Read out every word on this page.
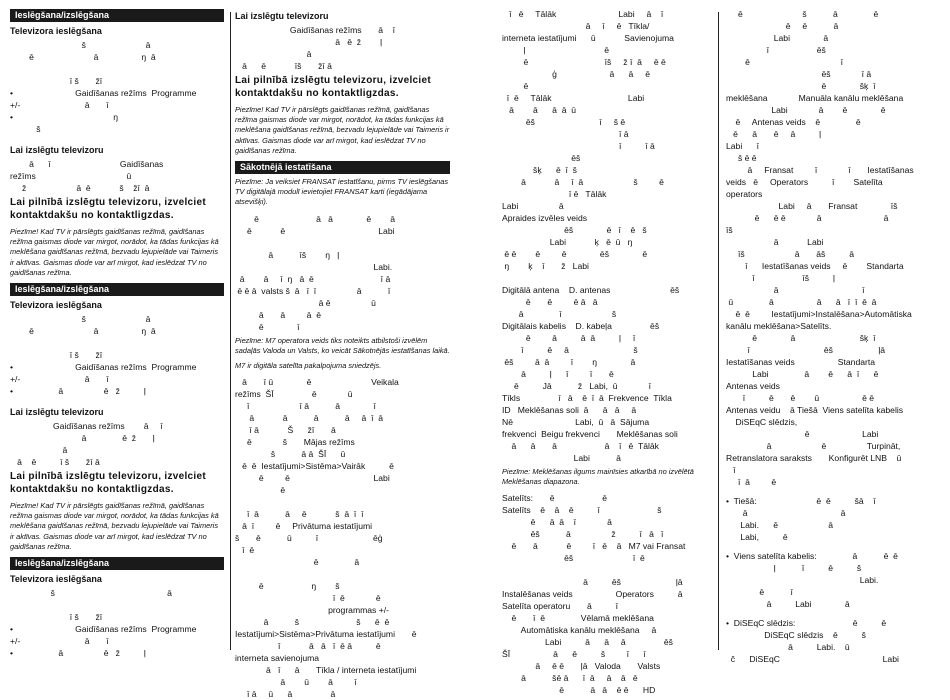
Ieslēgšana/izslēgšana
Televizora ieslēgšana
š                         ā
ē                         ā                  ŋ  ā

ī š       žī
•                          Gaidīšanas režīms  Programme
+/-                           ā       ī
•                                          ŋ
š
Lai izslēgtu televizoru
ā      ī                             Gaidīšanas
režīms                                      ū
ž                     ā  ē            š    žī  ā
Lai pilnībā izslēgtu televizoru, izvelciet kontaktdakšu no kontaktligzdas.
Piezīme! Kad TV ir pārslēgts gaidīšanas režīmā, gaidīšanas režīma gaismas diode var mirgot, norādot, ka tādas funkcijas kā meklēšana gaidīšanas režīmā, bezvadu lejupielāde vai Taimeris ir aktīvas. Gaismas diode var arī mirgot, kad ieslēdzat TV no gaidīšanas režīma.
Ieslēgšana/izslēgšana
Televizora ieslēgšana
š                         ā
ē                         ā                  ŋ  ā

ī š       žī
•                          Gaidīšanas režīms  Programme
+/-                           ā       ī
•                   ā                 ē   ž          ļ
Lai izslēgtu televizoru
Gaidīšanas režīms        ā     ī
ā               ē  ž       ļ
ā
ā    ē          ī š       žī ā
Lai pilnībā izslēgtu televizoru, izvelciet kontaktdakšu no kontaktligzdas.
Piezīme! Kad TV ir pārslēgts gaidīšanas režīmā, gaidīšanas režīma gaismas diode var mirgot, norādot, ka tādas funkcijas kā meklēšana gaidīšanas režīmā, bezvadu lejupielāde vai Taimeris ir aktīvas. Gaismas diode var arī mirgot, kad ieslēdzat TV no gaidīšanas režīma.
Ieslēgšana/izslēgšana
Televizora ieslēgšana
š                                               ā

ī š       žī
•                          Gaidīšanas režīms  Programme
+/-                           ā       ī
•                   ā                 ē   ž          ļ
Lai izslēgtu televizoru
Gaidīšanas režīms       ā    ī
ā   ē  ž        ļ
ā
ā      ē            īš       žī ā
Lai pilnībā izslēgtu televizoru, izvelciet kontaktdakšu no kontaktligzdas.
Piezīme! Kad TV ir pārslēgts gaidīšanas režīmā, gaidīšanas režīma gaismas diode var mirgot, norādot, ka tādas funkcijas kā meklēšana gaidīšanas režīmā, bezvadu lejupielāde vai Taimeris ir aktīvas. Gaismas diode var arī mirgot, kad ieslēdzat TV no gaidīšanas režīma.
Sākotnējā iestatīšana
Piezīme: Ja veiksiet FRANSAT iestatīšanu, pirms TV ieslēgšanas TV digitālajā modulī ievietojiet FRANSAT karti (iegādājama atsevišķi).
ē                        ā   ā              ē        ā
ē            ē                                       Labi

ā           īš        ŋ   ļ
Labi.
ā        ā     ī  ŋ   ā  ē                            ī ā
ē ē ā  valsts š  ā   ī  ī                 ā           ī
ā ē                 ū
ā       ā         ā  ē
ē              ī
Piezīme: M7 operatora veids tiks noteikts atbilstoši izvēlēm sadaļās Valoda un Valsts, ko veicāt Sākotnējās iestatīšanas laikā.
M7 ir digitāla satelīta pakalpojuma sniedzējs.
ā       ī ū              ē                         Veikala
režīms  ŠĪ                ē             ū
ī                     ī ā           ā              ī
ā            ā           ā           ā     ā  ī  ā
ī ā            Š      žī       ā
ē             š       Mājas režīms
š           ā ā  ŠĪ      ū
ē  ē  Iestatījumi>Sistēma>Vairāk          ē
ē         ē                                   Labi
ē

ī  ā           ā     ē            š  ā  ī  ī
ā  ī         ē     Privātuma iestatījumi
š       ē           ū          ī                       ēģ
ī  ē
ē               ā

ē                    ŋ        š
ī  ē             ē
programmas +/-
ā           š                        š      ē  ē
Iestatījumi>Sistēma>Privātuma iestatījumi       ē
ī            ā   ā   ī  ē ā          ē
interneta savienojuma
ā   ī      ā       Tīkla / interneta iestatījumi
ā        ū        ā         ī
ī ā     ū      ā                ā
ī   ē     Tālāk                          Labi     ā    ī
ā     ī     ē   Tīkla/
interneta iestatījumi      ū            Savienojuma
ļ                                 ē
ē                                īš     ž ī  ā     ē ē
ģ                      ā      ā     ē
ē
ī  ē     Tālāk                                Labi
ā        ā      ā  ā  ū
ēš                           ī     š ē
ī ā
ī          ī ā
ēš
šķ      ē  ī  š
ā            ā     ī  ā                     š         ē
ī ē   Tālāk
Labi                 ā
Apraides izvēles veids
ēš              ē   ī    ē   š
Labi            ķ   ē  ū   ŋ
ē ē        ē         ē              ēš              ē
ŋ        ķ    ī       ž   Labi

Digitālā antena    D. antenas                         ēš
ē       ē         ē ā   ā
ā               ī                     š
Digitālais kabelis    D. kabeļa                ēš
ē         ā          ā  ā          ļ     ī
ī          ē     ā                           š
ēš         ā  ā         ī        ŋ              ā
ā          ļ      ī         ī       ē
ē          Jā           ž   Labi,  ū             ī
Tīkls                ī   ā    ē  ī  ā  Frekvence  Tīkla
ID   Meklēšanas soli  ā      ā   ā     ā
Nē                          Labi,  ū   ā  Sājuma
frekvenci  Beigu frekvenci       Meklēšanas soli
ā      ā       ā                    ā    ī   ē  Tālāk
Labi           ā
Piezīme: Meklēšanas ilgums mainīsies atkarībā no izvēlētā Meklēšanas diapazona.
Satelīts:       ē                    ē
Satelīts    ē    ā    ē          ī                        š
ē      ā  ā    ī             ā
ēš           ā                 ž          ī   ā   ī
ē       ā            ē         ī   ē    ā   M7 vai Fransat
ēš                         ī  ē

ā          ēš                       ļā
Instalēšanas veids                  Operators          ā
Satelīta operatoru       ā          ī
ē       ī  ē               Vēlamā meklēšana
Automātiska kanālu meklēšana     ā
Labi          ā      ā     ā                ēš
ŠĪ                  ā      ē          š         ī      ī
ā     ē ē       ļā   Valoda       Valsts
ā           šē ā      ī  ā     ā    ā   ē
ē           ā   ā    ē ē      HD
ē                         š           ā               ē
ē     ē           ā
Labi              ā
ī                    ēš
ē                                      ī
ēš             ī ā
ē              šķ  ī
meklēšana             Manuāla kanālu meklēšana
Labi             ā        ē              ē
ē     Antenas veids    ē               ē
ē      ā       ē     ā          ļ
Labi      ī
š ē ē
ā     Fransat         ī             ī       Iestatīšanas
veids   ē     Operators          ī        Satelīta
operators
Labi     ā       Fransat              īš
ē      ē ē             ā                          ā
īš
ā            Labi
īš                     ā       āš          ā
ī      Iestatīšanas veids     ē        Standarta
ī                    īš          ļ
ā                                   ī
ū               ā                  ā      ā   ī  ī  ē  ā
ē  ē         Iestatījumi>Instalēšana>Automātiska
kanālu meklēšana>Satelīts.
ē              ā                           šķ  ī
ī                               ēš                   ļā
Iestatīšanas veids                  Standarta
Labi               ā        ē      ā  ī      ē
Antenas veids
ī          ē       ē        ū                  ē ē
Antenas veidu    ā Tiešā  Viens satelīta kabelis
DiSEqC slēdzis,
ē                      Labi
ā                     ē                 Turpināt,
Retranslatora saraksts       Konfigurēt LNB    ū
ī
ī  ā         ē
•  Tiešā:                         ē  ē          šā    ī
ā                                       ā
Labi.      ē                     ā
Labi,          ē
•  Viens satelīta kabelis:               ā           ē  ē
ļ           ī          ē          š
Labi.
ē           ī
ā          Labi              ā
•  DiSEqC slēdzis:                        ē          ē
DiSEqC slēdzis    ē          š
ā          Labi.    ū
č      DiSEqC                                           Labi
